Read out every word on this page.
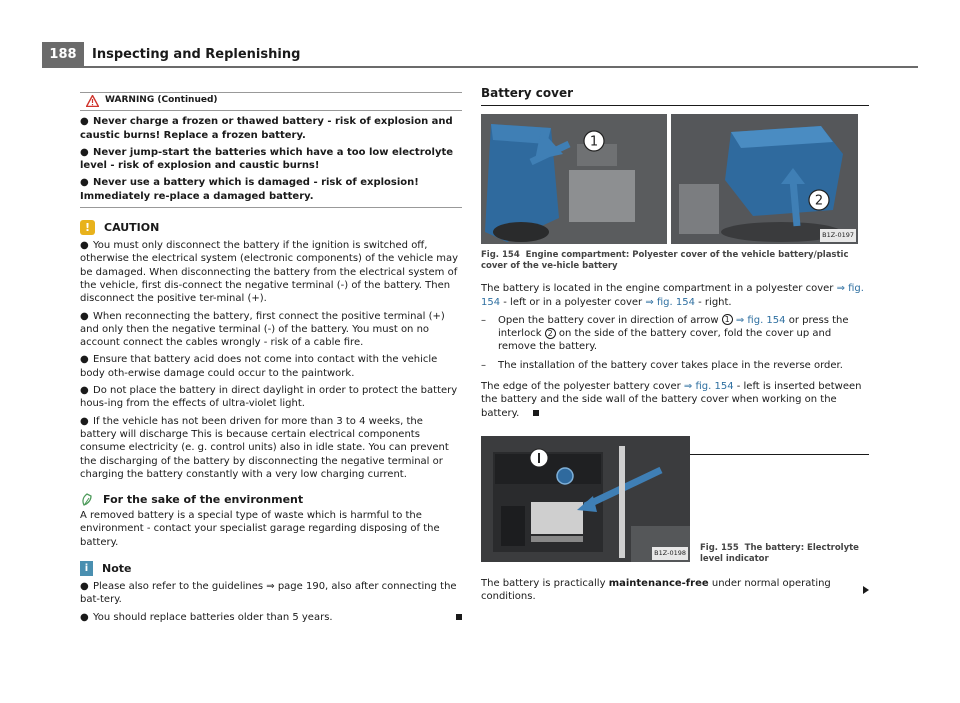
188	Inspecting and Replenishing
WARNING (Continued)

● Never charge a frozen or thawed battery - risk of explosion and caustic burns! Replace a frozen battery.

● Never jump-start the batteries which have a too low electrolyte level - risk of explosion and caustic burns!

● Never use a battery which is damaged - risk of explosion! Immediately re-place a damaged battery.

!	CAUTION

● You must only disconnect the battery if the ignition is switched off, otherwise the electrical system (electronic components) of the vehicle may be damaged. When disconnecting the battery from the electrical system of the vehicle, first dis-connect the negative terminal (-) of the battery. Then disconnect the positive ter-minal (+).

● When reconnecting the battery, first connect the positive terminal (+) and only then the negative terminal (-) of the battery. You must on no account connect the cables wrongly - risk of a cable fire.

● Ensure that battery acid does not come into contact with the vehicle body oth-erwise damage could occur to the paintwork.

● Do not place the battery in direct daylight in order to protect the battery hous-ing from the effects of ultra-violet light.

● If the vehicle has not been driven for more than 3 to 4 weeks, the battery will discharge This is because certain electrical components consume electricity (e. g. control units) also in idle state. You can prevent the discharging of the battery by disconnecting the negative terminal or charging the battery constantly with a very low charging current.

For the sake of the environment

A removed battery is a special type of waste which is harmful to the environment - contact your specialist garage regarding disposing of the battery.

i	Note

● Please also refer to the guidelines ⇒ page 190, also after connecting the bat-tery.

● You should replace batteries older than 5 years.

Battery cover
1
2
B1Z-0197
Fig. 154 Engine compartment: Polyester cover of the vehicle battery/plastic cover of the ve-hicle battery

The battery is located in the engine compartment in a polyester cover ⇒ fig. 154 - left or in a polyester cover ⇒ fig. 154 - right.

–	Open the battery cover in direction of arrow 1 ⇒ fig. 154 or press the interlock 2 on the side of the battery cover, fold the cover up and remove the battery.
–	The installation of the battery cover takes place in the reverse order.

The edge of the polyester battery cover ⇒ fig. 154 - left is inserted between the battery and the side wall of the battery cover when working on the battery.

B1Z-0198 Fig. 155 The battery: Electrolyte level indicator

The battery is practically maintenance-free under normal operating conditions.
